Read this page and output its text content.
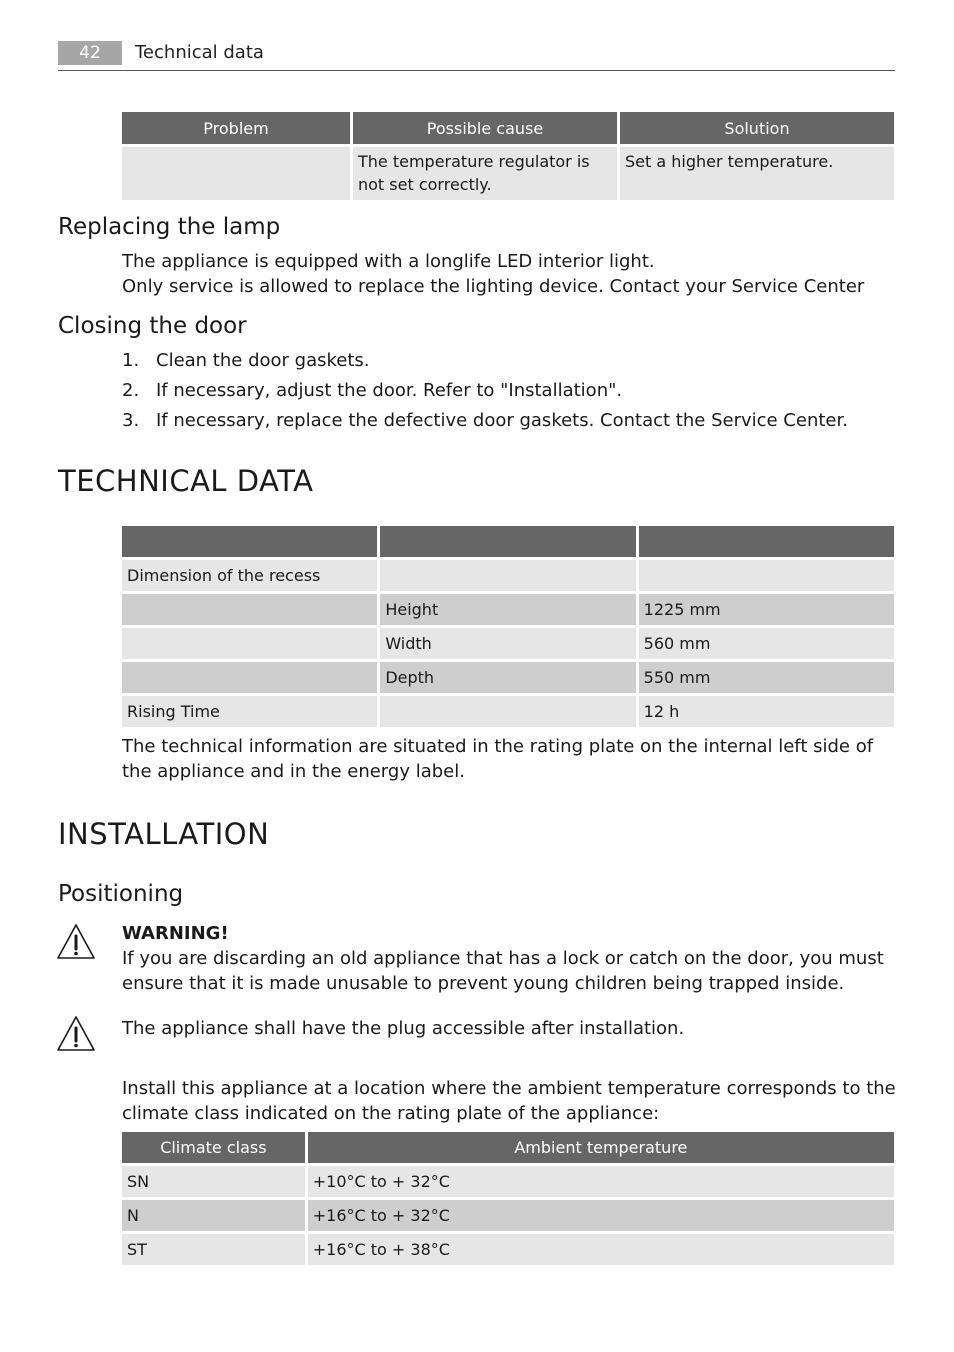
42	Technical data
Problem	Possible cause	Solution
	The temperature regulator is not set correctly.	Set a higher temperature.
Replacing the lamp
The appliance is equipped with a longlife LED interior light.
Only service is allowed to replace the lighting device. Contact your Service Center
Closing the door
1. Clean the door gaskets.
2. If necessary, adjust the door. Refer to "Installation".
3. If necessary, replace the defective door gaskets. Contact the Service Center.
TECHNICAL DATA

Dimension of the recess		
	Height	1225 mm
	Width	560 mm
	Depth	550 mm
Rising Time		12 h
The technical information are situated in the rating plate on the internal left side of the appliance and in the energy label.
INSTALLATION
Positioning
WARNING!
If you are discarding an old appliance that has a lock or catch on the door, you must ensure that it is made unusable to prevent young children being trapped inside.
The appliance shall have the plug accessible after installation.
Install this appliance at a location where the ambient temperature corresponds to the climate class indicated on the rating plate of the appliance:
Climate class	Ambient temperature
SN	+10°C to + 32°C
N	+16°C to + 32°C
ST	+16°C to + 38°C
